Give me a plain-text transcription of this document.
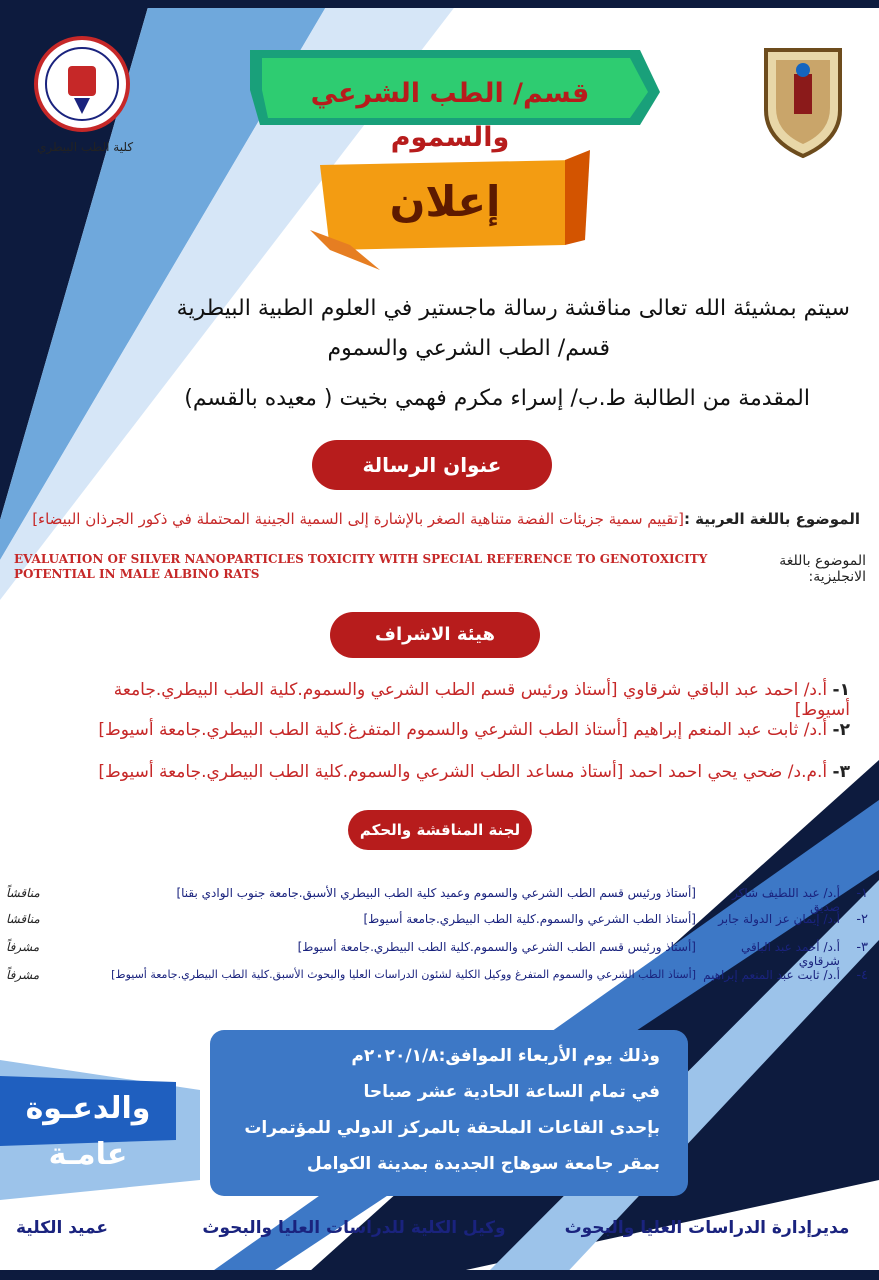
كلية الطب البيطري
قسم/ الطب الشرعي والسموم
إعلان
سيتم بمشيئة الله تعالى مناقشة رسالة ماجستير في العلوم الطبية البيطرية
قسم/ الطب الشرعي والسموم
المقدمة من الطالبة ط.ب/ إسراء مكرم فهمي بخيت ( معيده بالقسم)
عنوان الرسالة
الموضوع باللغة العربية :[تقييم سمية جزيئات الفضة متناهية الصغر بالإشارة إلى السمية الجينية المحتملة في ذكور الجرذان البيضاء]
الموضوع باللغة الانجليزية:
EVALUATION OF SILVER NANOPARTICLES TOXICITY WITH SPECIAL REFERENCE TO GENOTOXICITY POTENTIAL IN MALE ALBINO RATS
هيئة الاشراف
١- أ.د/ احمد عبد الباقي شرقاوي [أستاذ ورئيس قسم الطب الشرعي والسموم.كلية الطب البيطري.جامعة أسيوط]
٢- أ.د/ ثابت عبد المنعم إبراهيم [أستاذ الطب الشرعي والسموم المتفرغ.كلية الطب البيطري.جامعة أسيوط]
٣- أ.م.د/ ضحي يحي احمد احمد [أستاذ مساعد الطب الشرعي والسموم.كلية الطب البيطري.جامعة أسيوط]
لجنة المناقشة والحكم
١-
أ.د/ عبد اللطيف شاكر صديق
[أستاذ ورئيس قسم الطب الشرعي والسموم وعميد كلية الطب البيطري الأسبق.جامعة جنوب الوادي بقنا]
مناقشاً
٢-
أ.د/ إيمان عز الدولة جابر
[أستاذ الطب الشرعي والسموم.كلية الطب البيطري.جامعة أسيوط]
مناقشا
٣-
أ.د/ أحمد عبد الباقي شرقاوي
[أستاذ ورئيس قسم الطب الشرعي والسموم.كلية الطب البيطري.جامعة أسيوط]
مشرفاً
٤-
أ.د/ ثابت عبد المنعم إبراهيم
[أستاذ الطب الشرعي والسموم المتفرغ ووكيل الكلية لشئون الدراسات العليا والبحوث الأسبق.كلية الطب البيطري.جامعة أسيوط]
مشرفاً
وذلك يوم الأربعاء الموافق:٢٠٢٠/١/٨م
في تمام الساعة الحادية عشر صباحا
بإحدى القاعات الملحقة بالمركز الدولي للمؤتمرات
بمقر جامعة سوهاج الجديدة بمدينة الكوامل
والدعـوة عامـة
مديرإدارة الدراسات العليا والبحوث
وكيل الكلية للدراسات العليا والبحوث
عميد الكلية
